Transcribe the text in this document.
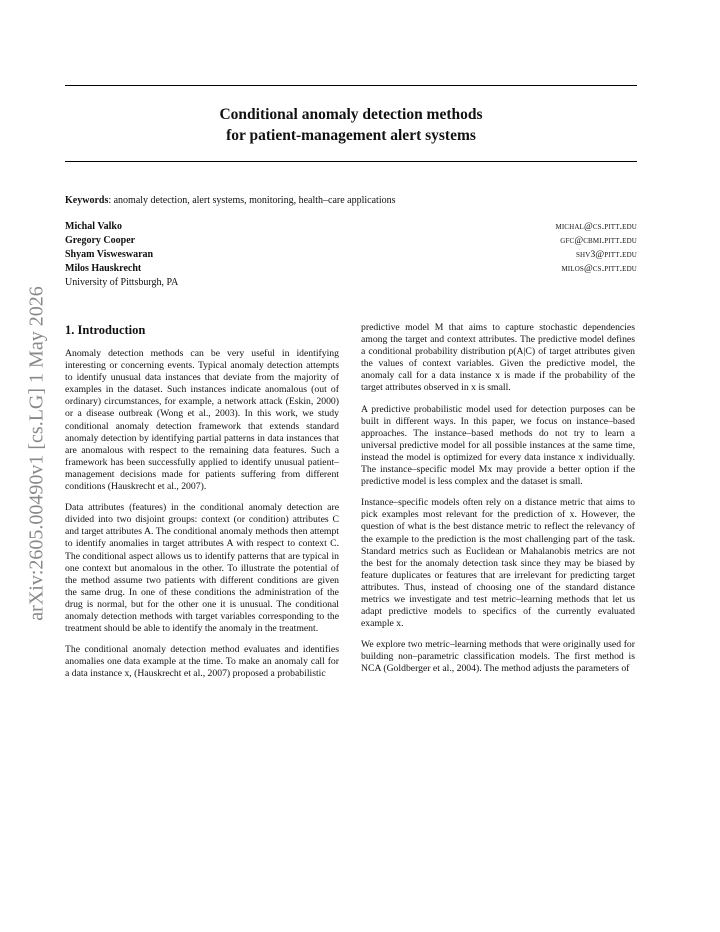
arXiv:2605.00490v1 [cs.LG] 1 May 2026
Conditional anomaly detection methods
for patient-management alert systems
Keywords: anomaly detection, alert systems, monitoring, health–care applications
Michal Valko	michal@cs.pitt.edu
Gregory Cooper	gfc@cbmi.pitt.edu
Shyam Visweswaran	shv3@pitt.edu
Milos Hauskrecht	milos@cs.pitt.edu
University of Pittsburgh, PA
1. Introduction

Anomaly detection methods can be very useful in identifying interesting or concerning events. Typical anomaly detection attempts to identify unusual data instances that deviate from the majority of examples in the dataset. Such instances indicate anomalous (out of ordinary) circumstances, for example, a network attack (Eskin, 2000) or a disease outbreak (Wong et al., 2003). In this work, we study conditional anomaly detection framework that extends standard anomaly detection by identifying partial patterns in data instances that are anomalous with respect to the remaining data features. Such a framework has been successfully applied to identify unusual patient–management decisions made for patients suffering from different conditions (Hauskrecht et al., 2007).

Data attributes (features) in the conditional anomaly detection are divided into two disjoint groups: context (or condition) attributes C and target attributes A. The conditional anomaly methods then attempt to identify anomalies in target attributes A with respect to context C. The conditional aspect allows us to identify patterns that are typical in one context but anomalous in the other. To illustrate the potential of the method assume two patients with different conditions are given the same drug. In one of these conditions the administration of the drug is normal, but for the other one it is unusual. The conditional anomaly detection methods with target variables corresponding to the treatment should be able to identify the anomaly in the treatment.

The conditional anomaly detection method evaluates and identifies anomalies one data example at the time. To make an anomaly call for a data instance x, (Hauskrecht et al., 2007) proposed a probabilistic

predictive model M that aims to capture stochastic dependencies among the target and context attributes. The predictive model defines a conditional probability distribution p(A|C) of target attributes given the values of context variables. Given the predictive model, the anomaly call for a data instance x is made if the probability of the target attributes observed in x is small.

A predictive probabilistic model used for detection purposes can be built in different ways. In this paper, we focus on instance–based approaches. The instance–based methods do not try to learn a universal predictive model for all possible instances at the same time, instead the model is optimized for every data instance x individually. The instance–specific model Mx may provide a better option if the predictive model is less complex and the dataset is small.

Instance–specific models often rely on a distance metric that aims to pick examples most relevant for the prediction of x. However, the question of what is the best distance metric to reflect the relevancy of the example to the prediction is the most challenging part of the task. Standard metrics such as Euclidean or Mahalanobis metrics are not the best for the anomaly detection task since they may be biased by feature duplicates or features that are irrelevant for predicting target attributes. Thus, instead of choosing one of the standard distance metrics we investigate and test metric–learning methods that let us adapt predictive models to specifics of the currently evaluated example x.

We explore two metric–learning methods that were originally used for building non–parametric classification models. The first method is NCA (Goldberger et al., 2004). The method adjusts the parameters of
